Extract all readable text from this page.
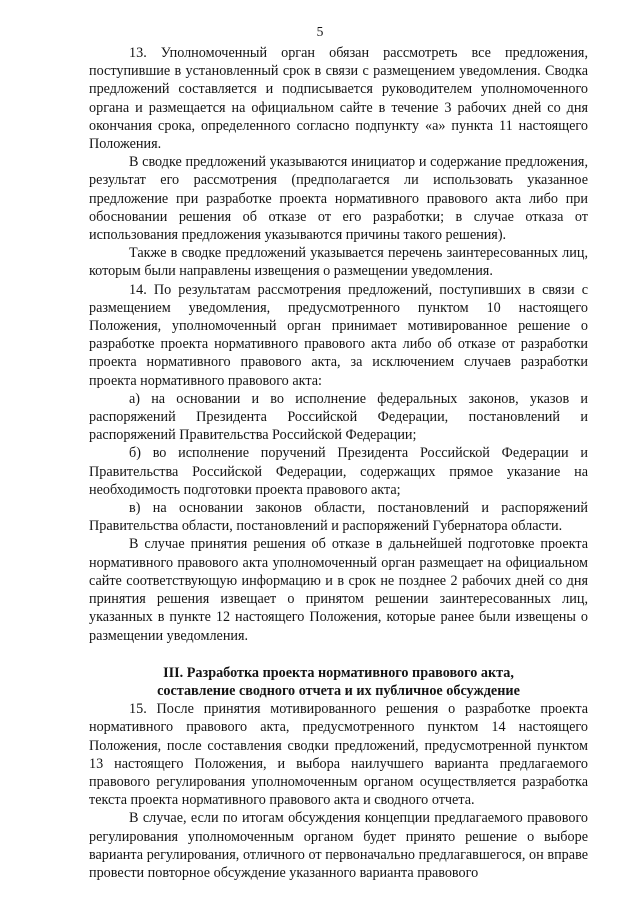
5

13. Уполномоченный орган обязан рассмотреть все предложения, поступившие в установленный срок в связи с размещением уведомления. Сводка предложений составляется и подписывается руководителем уполномоченного органа и размещается на официальном сайте в течение 3 рабочих дней со дня окончания срока, определенного согласно подпункту «а» пункта 11 настоящего Положения.

В сводке предложений указываются инициатор и содержание предложения, результат его рассмотрения (предполагается ли использовать указанное предложение при разработке проекта нормативного правового акта либо при обосновании решения об отказе от его разработки; в случае отказа от использования предложения указываются причины такого решения).

Также в сводке предложений указывается перечень заинтересованных лиц, которым были направлены извещения о размещении уведомления.

14. По результатам рассмотрения предложений, поступивших в связи с размещением уведомления, предусмотренного пунктом 10 настоящего Положения, уполномоченный орган принимает мотивированное решение о разработке проекта нормативного правового акта либо об отказе от разработки проекта нормативного правового акта, за исключением случаев разработки проекта нормативного правового акта:

а) на основании и во исполнение федеральных законов, указов и распоряжений Президента Российской Федерации, постановлений и распоряжений Правительства Российской Федерации;

б) во исполнение поручений Президента Российской Федерации и Правительства Российской Федерации, содержащих прямое указание на необходимость подготовки проекта правового акта;

в) на основании законов области, постановлений и распоряжений Правительства области, постановлений и распоряжений Губернатора области.

В случае принятия решения об отказе в дальнейшей подготовке проекта нормативного правового акта уполномоченный орган размещает на официальном сайте соответствующую информацию и в срок не позднее 2 рабочих дней со дня принятия решения извещает о принятом решении заинтересованных лиц, указанных в пункте 12 настоящего Положения, которые ранее были извещены о размещении уведомления.

III. Разработка проекта нормативного правового акта,

составление сводного отчета и их публичное обсуждение

15. После принятия мотивированного решения о разработке проекта нормативного правового акта, предусмотренного пунктом 14 настоящего Положения, после составления сводки предложений, предусмотренной пунктом 13 настоящего Положения, и выбора наилучшего варианта предлагаемого правового регулирования уполномоченным органом осуществляется разработка текста проекта нормативного правового акта и сводного отчета.

В случае, если по итогам обсуждения концепции предлагаемого правового регулирования уполномоченным органом будет принято решение о выборе варианта регулирования, отличного от первоначально предлагавшегося, он вправе провести повторное обсуждение указанного варианта правового
